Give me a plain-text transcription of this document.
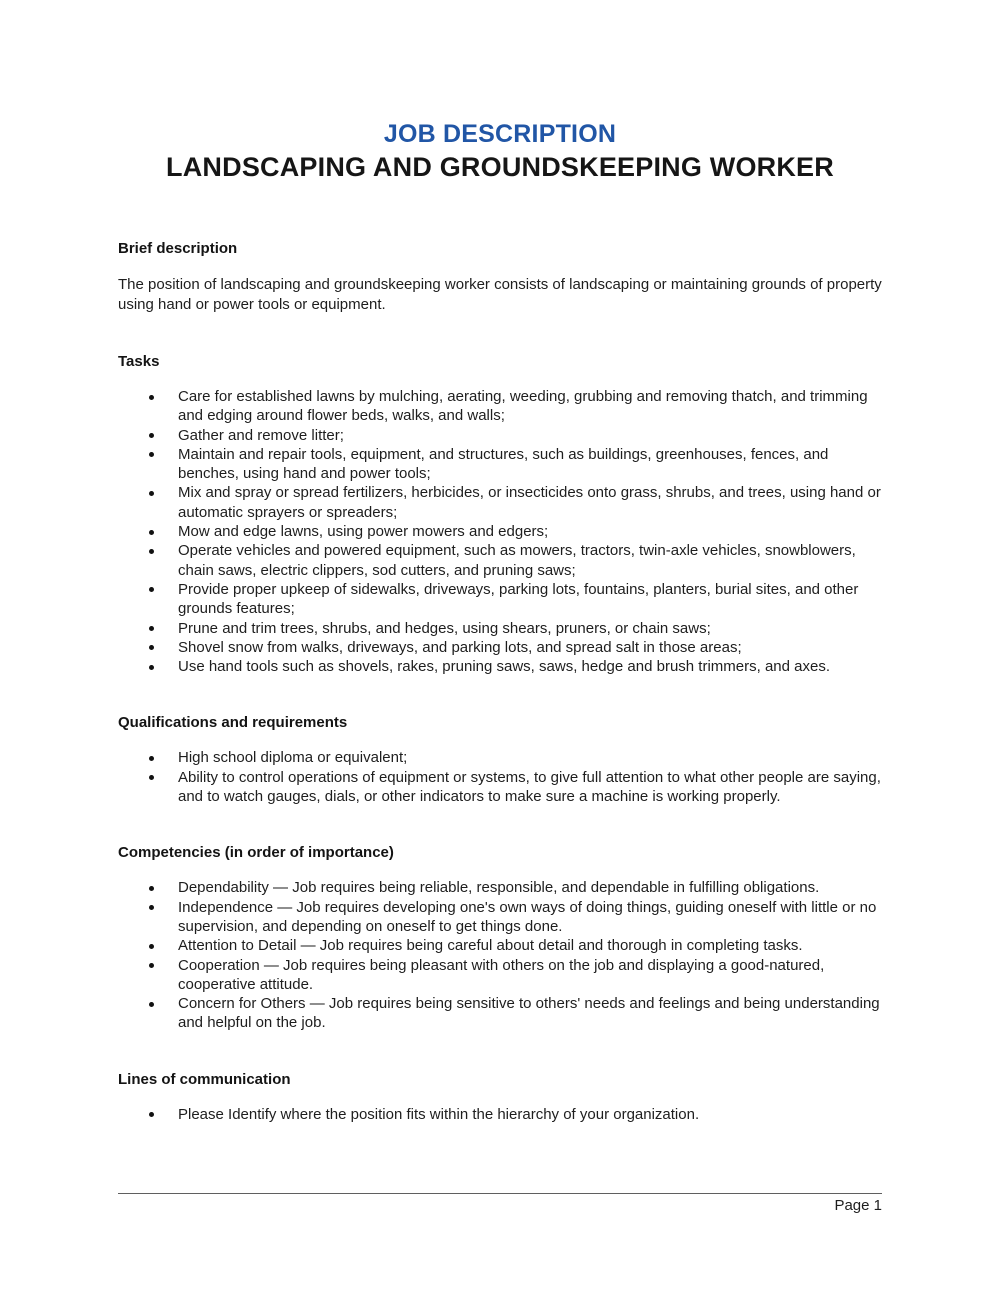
JOB DESCRIPTION
LANDSCAPING AND GROUNDSKEEPING WORKER
Brief description

The position of landscaping and groundskeeping worker consists of landscaping or maintaining grounds of property using hand or power tools or equipment.

Tasks
Care for established lawns by mulching, aerating, weeding, grubbing and removing thatch, and trimming and edging around flower beds, walks, and walls;
Gather and remove litter;
Maintain and repair tools, equipment, and structures, such as buildings, greenhouses, fences, and benches, using hand and power tools;
Mix and spray or spread fertilizers, herbicides, or insecticides onto grass, shrubs, and trees, using hand or automatic sprayers or spreaders;
Mow and edge lawns, using power mowers and edgers;
Operate vehicles and powered equipment, such as mowers, tractors, twin-axle vehicles, snowblowers, chain saws, electric clippers, sod cutters, and pruning saws;
Provide proper upkeep of sidewalks, driveways, parking lots, fountains, planters, burial sites, and other grounds features;
Prune and trim trees, shrubs, and hedges, using shears, pruners, or chain saws;
Shovel snow from walks, driveways, and parking lots, and spread salt in those areas;
Use hand tools such as shovels, rakes, pruning saws, saws, hedge and brush trimmers, and axes.
Qualifications and requirements
High school diploma or equivalent;
Ability to control operations of equipment or systems, to give full attention to what other people are saying, and to watch gauges, dials, or other indicators to make sure a machine is working properly.
Competencies (in order of importance)
Dependability — Job requires being reliable, responsible, and dependable in fulfilling obligations.
Independence — Job requires developing one's own ways of doing things, guiding oneself with little or no supervision, and depending on oneself to get things done.
Attention to Detail — Job requires being careful about detail and thorough in completing tasks.
Cooperation — Job requires being pleasant with others on the job and displaying a good-natured, cooperative attitude.
Concern for Others — Job requires being sensitive to others' needs and feelings and being understanding and helpful on the job.
Lines of communication
Please Identify where the position fits within the hierarchy of your organization.
Page 1
